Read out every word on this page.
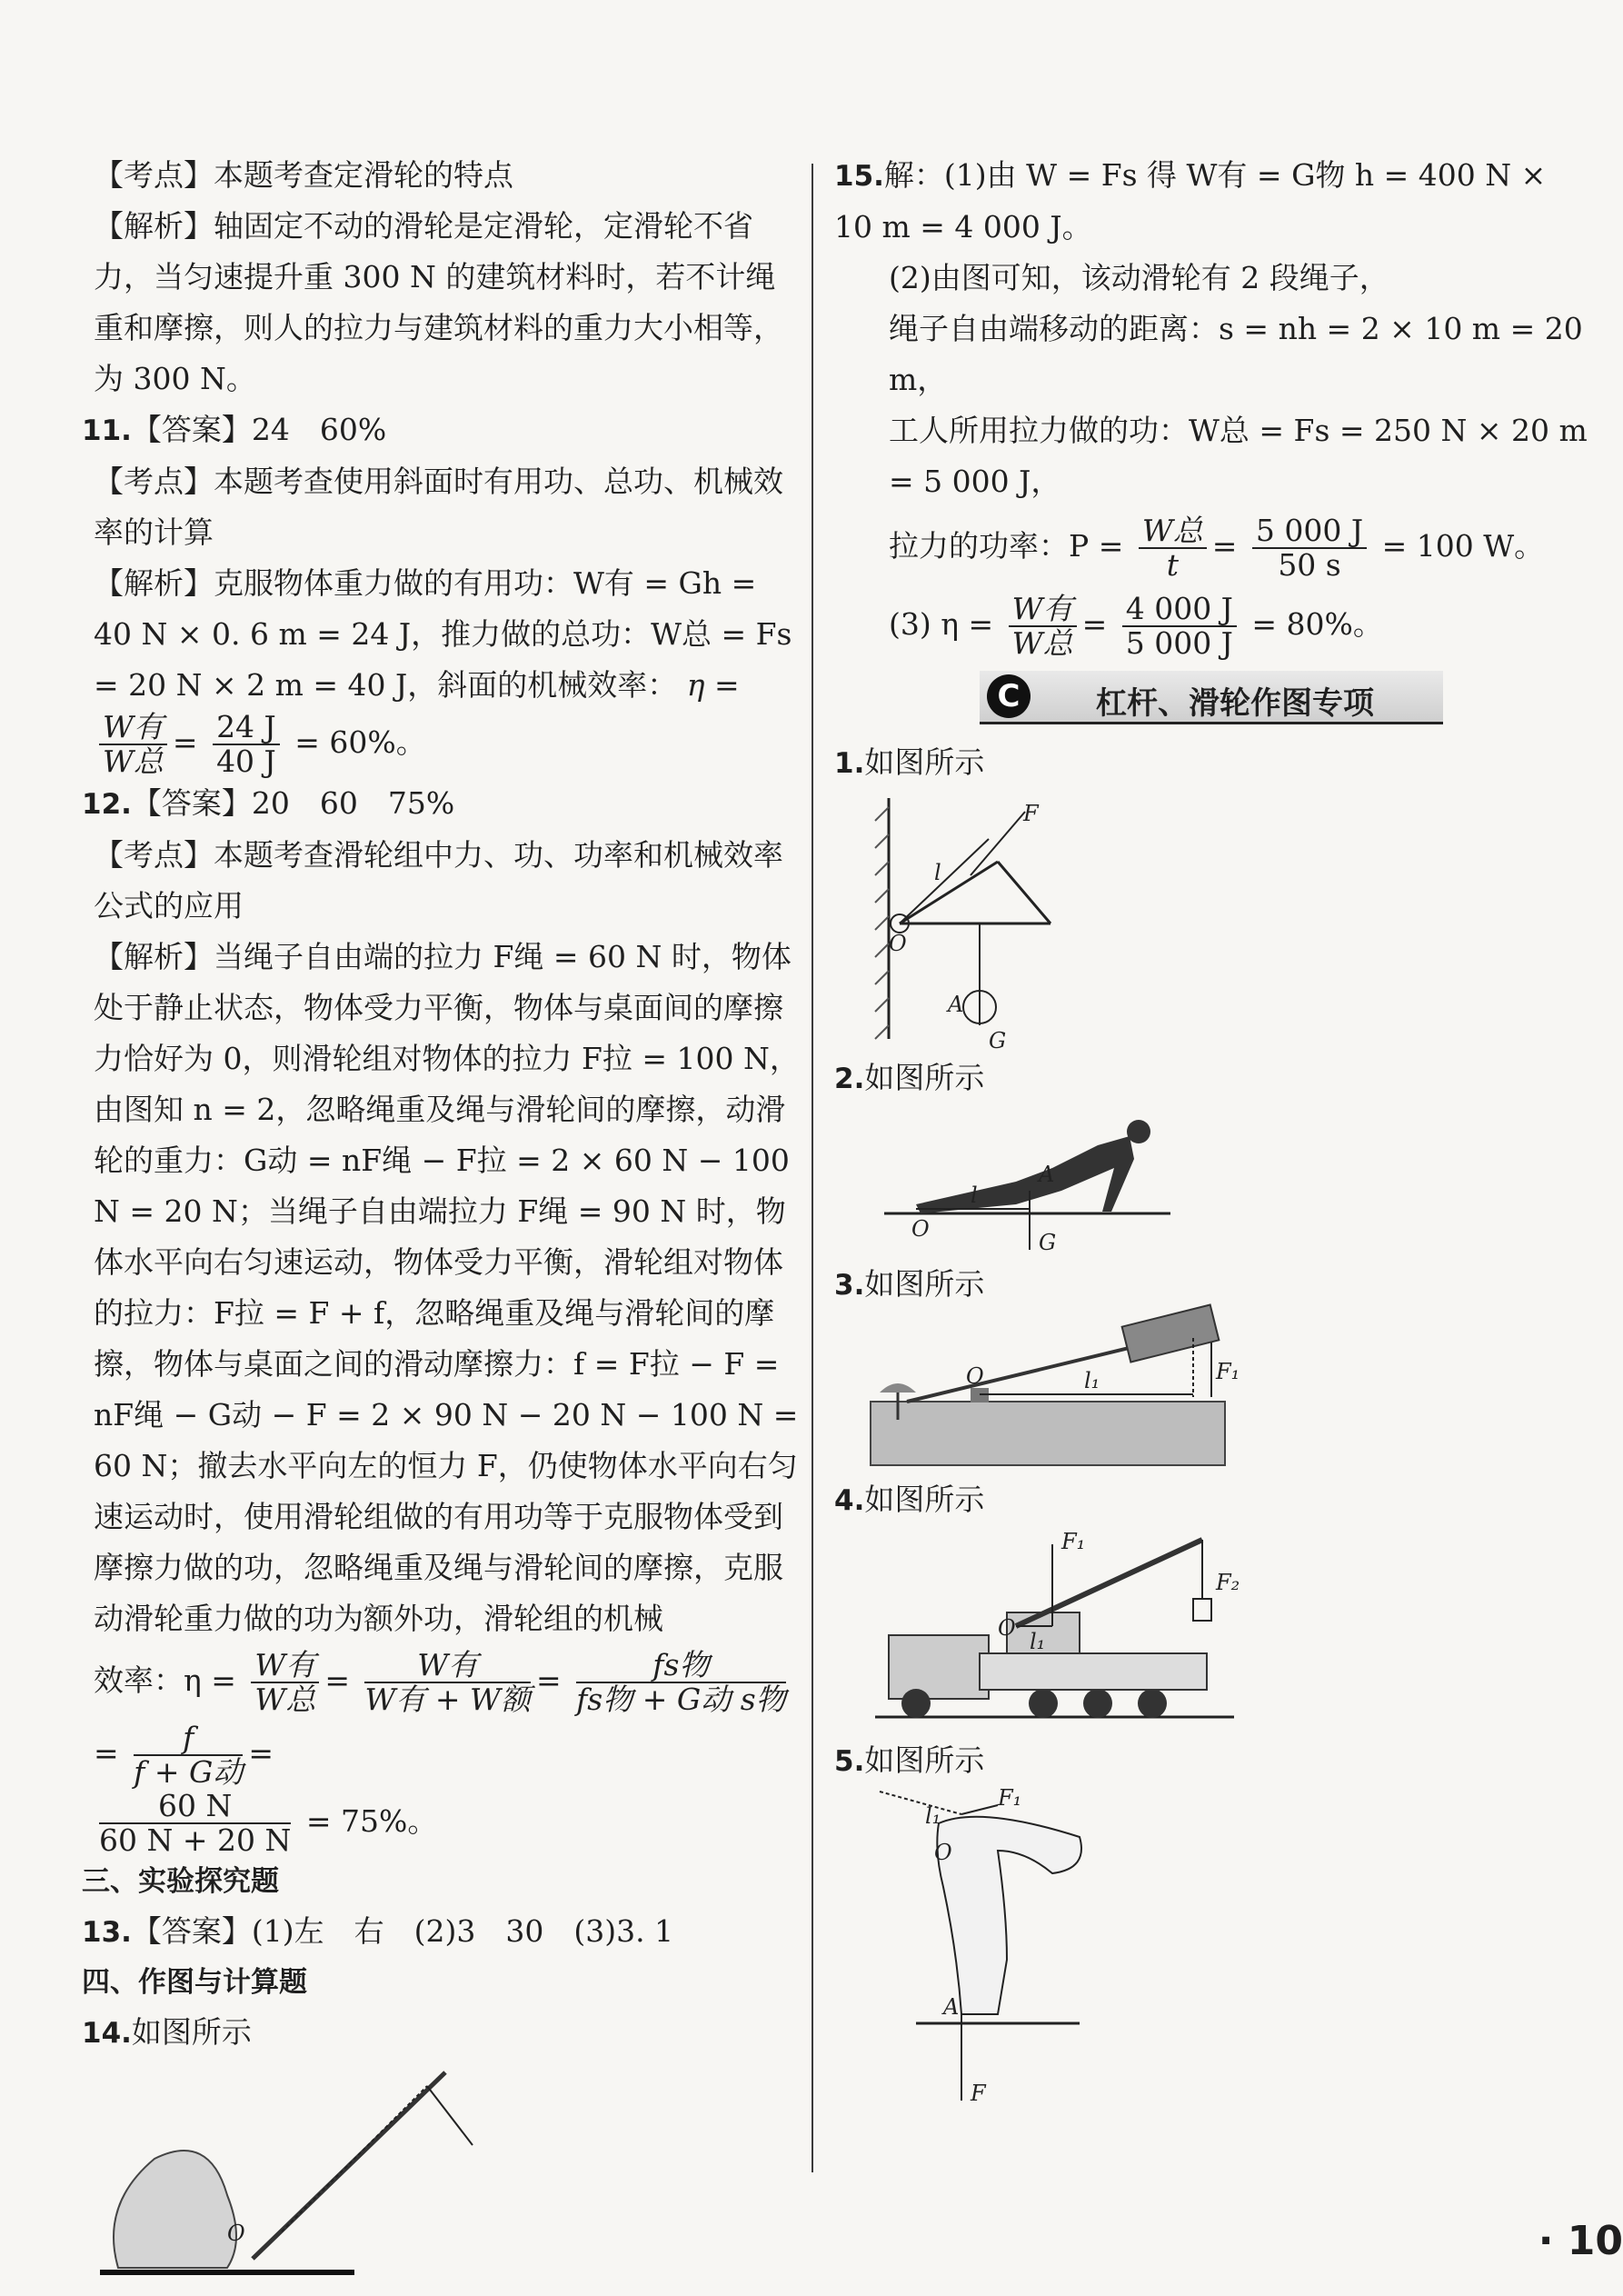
【考点】本题考查定滑轮的特点

【解析】轴固定不动的滑轮是定滑轮，定滑轮不省力，当匀速提升重 300 N 的建筑材料时，若不计绳重和摩擦，则人的拉力与建筑材料的重力大小相等，为 300 N。

11.【答案】24　60%

【考点】本题考查使用斜面时有用功、总功、机械效率的计算

【解析】克服物体重力做的有用功：W有 = Gh = 40 N × 0. 6 m = 24 J，推力做的总功：W总 = Fs = 20 N × 2 m = 40 J，斜面的机械效率： η =
$\frac{\text{W有}}{\text{W总}} = \frac{24 J}{40 J} = 60\%$。

12.【答案】20　60　75%

【考点】本题考查滑轮组中力、功、功率和机械效率公式的应用

【解析】当绳子自由端的拉力 F绳 = 60 N 时，物体处于静止状态，物体受力平衡，物体与桌面间的摩擦力恰好为 0，则滑轮组对物体的拉力 F拉 = 100 N，由图知 n = 2，忽略绳重及绳与滑轮间的摩擦，动滑轮的重力：G动 = nF绳 − F拉 = 2 × 60 N − 100 N = 20 N；当绳子自由端拉力 F绳 = 90 N 时，物体水平向右匀速运动，物体受力平衡，滑轮组对物体的拉力：F拉 = F + f，忽略绳重及绳与滑轮间的摩擦，物体与桌面之间的滑动摩擦力：f = F拉 − F = nF绳 − G动 − F = 2 × 90 N − 20 N − 100 N = 60 N；撤去水平向左的恒力 F，仍使物体水平向右匀速运动时，使用滑轮组做的有用功等于克服物体受到摩擦力做的功，忽略绳重及绳与滑轮间的摩擦，克服动滑轮重力做的功为额外功，滑轮组的机械

效率：$\eta = \frac{\text{W有}}{\text{W总}} = \frac{\text{W有}}{\text{W有 + W额}} = \frac{\text{fs物}}{\text{fs物 + G动 s物}}$
= $\frac{f}{\text{f + G动}}$ =

$\frac{60 N}{60 N + 20 N} = 75\%$。

三、实验探究题

13.【答案】(1)左　右　(2)3　30　(3)3. 1

四、作图与计算题

14.如图所示

O

15.解：(1)由 W = Fs 得 W有 = G物 h = 400 N × 10 m = 4 000 J。

(2)由图可知，该动滑轮有 2 段绳子，

绳子自由端移动的距离：s = nh = 2 × 10 m = 20 m，

工人所用拉力做的功：W总 = Fs = 250 N × 20 m = 5 000 J，

拉力的功率：$P = \frac{\text{W总}}{t} = \frac{5 000 J}{50 s} = 100$ W。

(3) $\eta = \frac{\text{W有}}{\text{W总}} = \frac{4 000 J}{5 000 J} = 80\%$。

C	杠杆、滑轮作图专项

1.如图所示

F
l
O
A
G

2.如图所示

A
l
O
G

3.如图所示

O	l₁	F₁

4.如图所示

F₁
F₂
O
l₁

5.如图所示

F₁
l₁
O
A
F
· 10
